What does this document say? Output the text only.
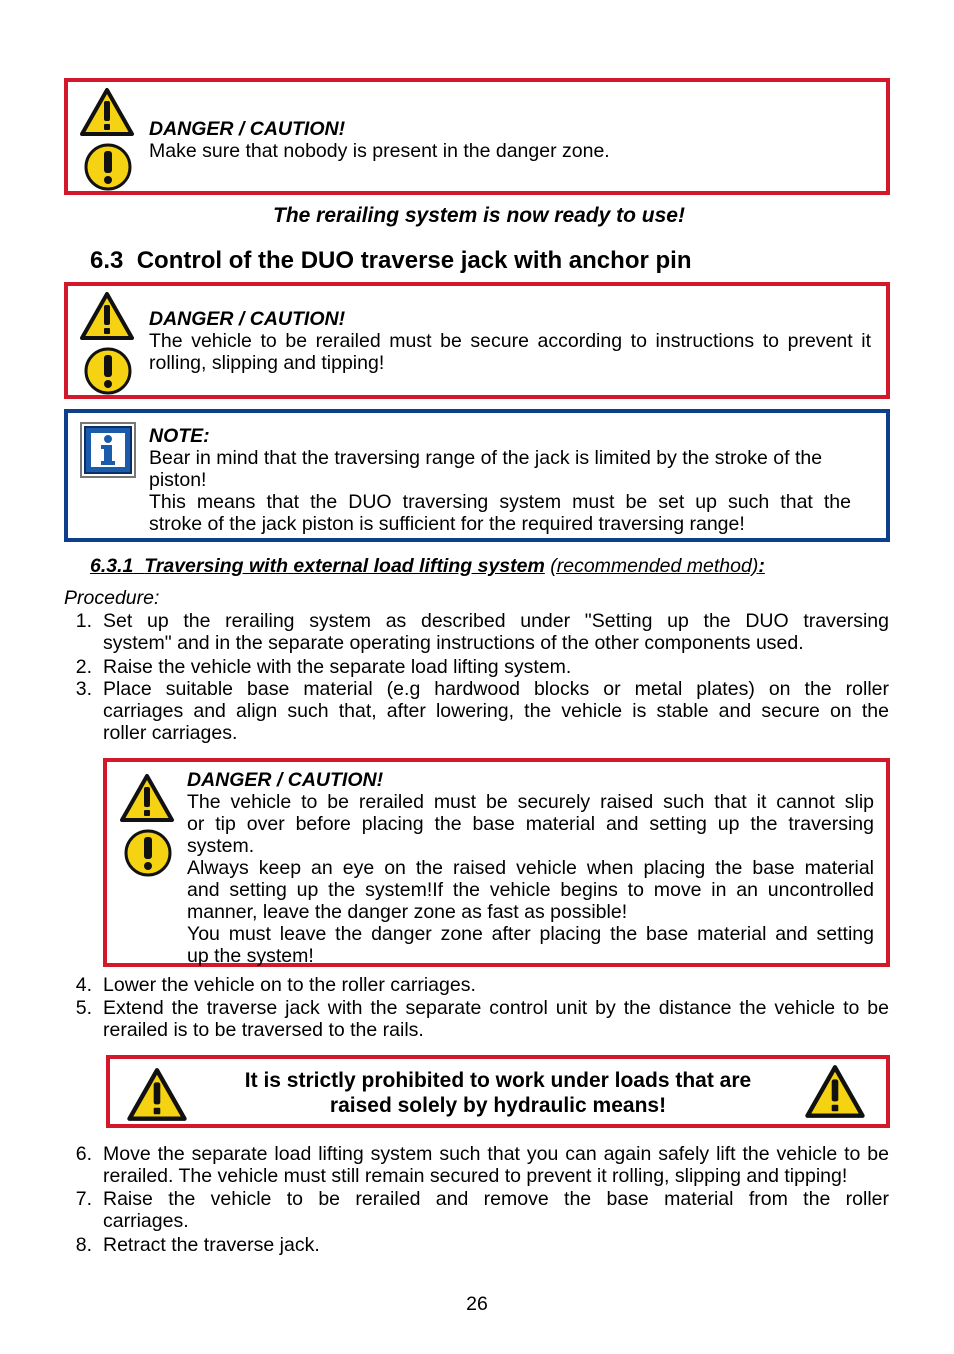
DANGER / CAUTION!
Make sure that nobody is present in the danger zone.
The rerailing system is now ready to use!
6.3 Control of the DUO traverse jack with anchor pin
DANGER / CAUTION!
The vehicle to be rerailed must be secure according to instructions to prevent it
rolling, slipping and tipping!
NOTE:
Bear in mind that the traversing range of the jack is limited by the stroke of the
piston!
This means that the DUO traversing system must be set up such that the
stroke of the jack piston is sufficient for the required traversing range!
6.3.1 Traversing with external load lifting system (recommended method):
Procedure:
1. Set up the rerailing system as described under "Setting up the DUO traversing
system" and in the separate operating instructions of the other components used.
2. Raise the vehicle with the separate load lifting system.
3. Place suitable base material (e.g hardwood blocks or metal plates) on the roller
carriages and align such that, after lowering, the vehicle is stable and secure on the
roller carriages.
DANGER / CAUTION!
The vehicle to be rerailed must be securely raised such that it cannot slip
or tip over before placing the base material and setting up the traversing
system.
Always keep an eye on the raised vehicle when placing the base material
and setting up the system!If the vehicle begins to move in an uncontrolled
manner, leave the danger zone as fast as possible!
You must leave the danger zone after placing the base material and setting
up the system!
4. Lower the vehicle on to the roller carriages.
5. Extend the traverse jack with the separate control unit by the distance the vehicle to be
rerailed is to be traversed to the rails.
It is strictly prohibited to work under loads that are
raised solely by hydraulic means!
6. Move the separate load lifting system such that you can again safely lift the vehicle to be
rerailed. The vehicle must still remain secured to prevent it rolling, slipping and tipping!
7. Raise the vehicle to be rerailed and remove the base material from the roller
carriages.
8. Retract the traverse jack.
26
